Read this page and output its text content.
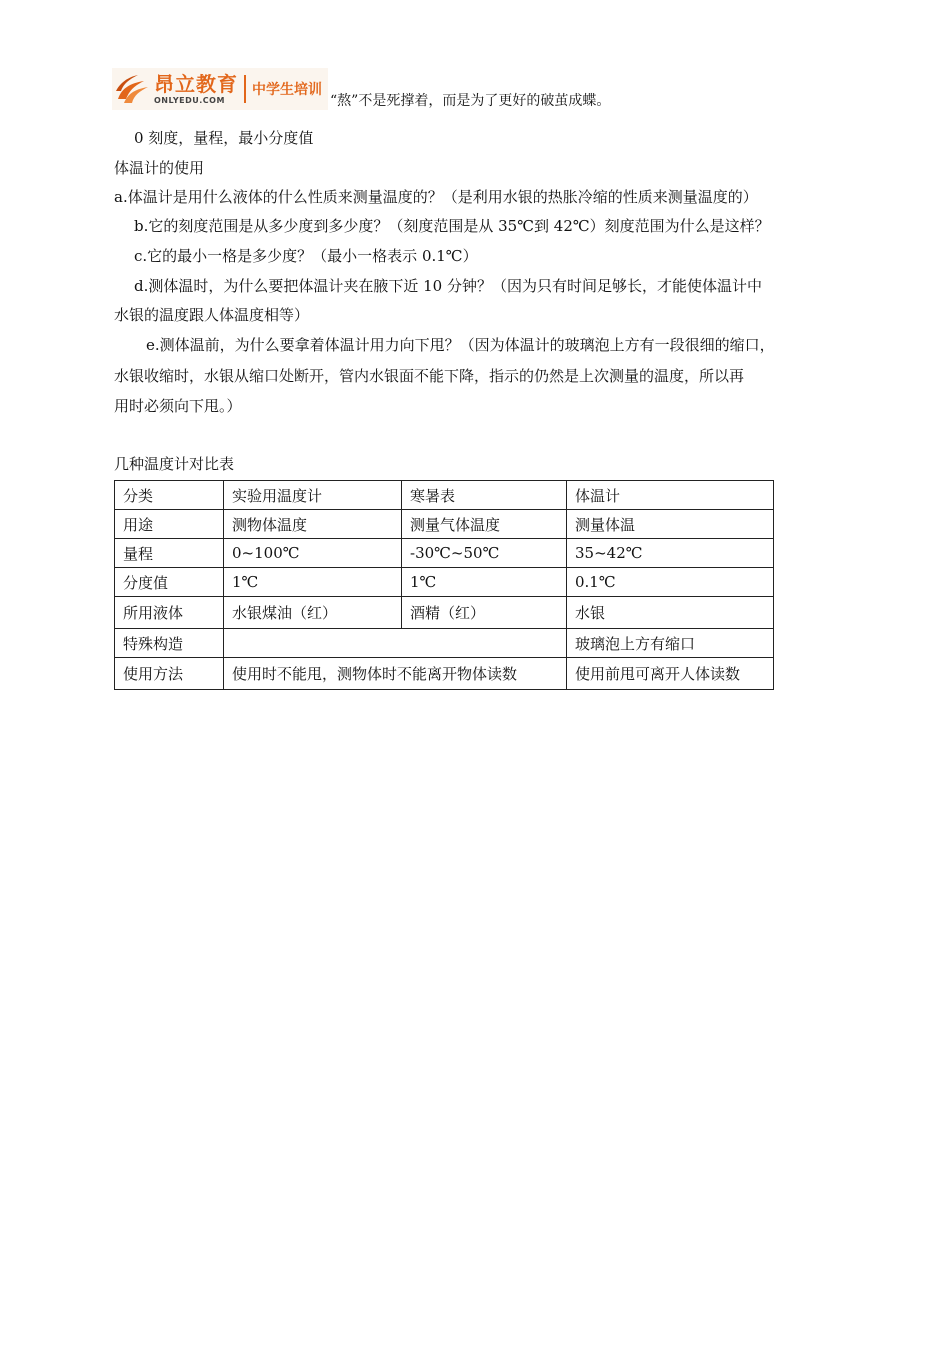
昂立教育
ONLYEDU.COM
中学生培训
“熬”不是死撑着，而是为了更好的破茧成蝶。
0 刻度，量程，最小分度值
体温计的使用
a.体温计是用什么液体的什么性质来测量温度的？（是利用水银的热胀冷缩的性质来测量温度的）
b.它的刻度范围是从多少度到多少度？（刻度范围是从 35℃到 42℃）刻度范围为什么是这样？
c.它的最小一格是多少度？（最小一格表示 0.1℃）
d.测体温时，为什么要把体温计夹在腋下近 10 分钟？（因为只有时间足够长，才能使体温计中
水银的温度跟人体温度相等）
e.测体温前，为什么要拿着体温计用力向下甩？（因为体温计的玻璃泡上方有一段很细的缩口，
水银收缩时，水银从缩口处断开，管内水银面不能下降，指示的仍然是上次测量的温度，所以再
用时必须向下甩。）
几种温度计对比表
分类	实验用温度计	寒暑表	体温计
用途	测物体温度	测量气体温度	测量体温
量程	0~100℃	-30℃~50℃	35~42℃
分度值	1℃	1℃	0.1℃
所用液体	水银煤油（红）	酒精（红）	水银
特殊构造			玻璃泡上方有缩口
使用方法	使用时不能甩，测物体时不能离开物体读数		使用前甩可离开人体读数
